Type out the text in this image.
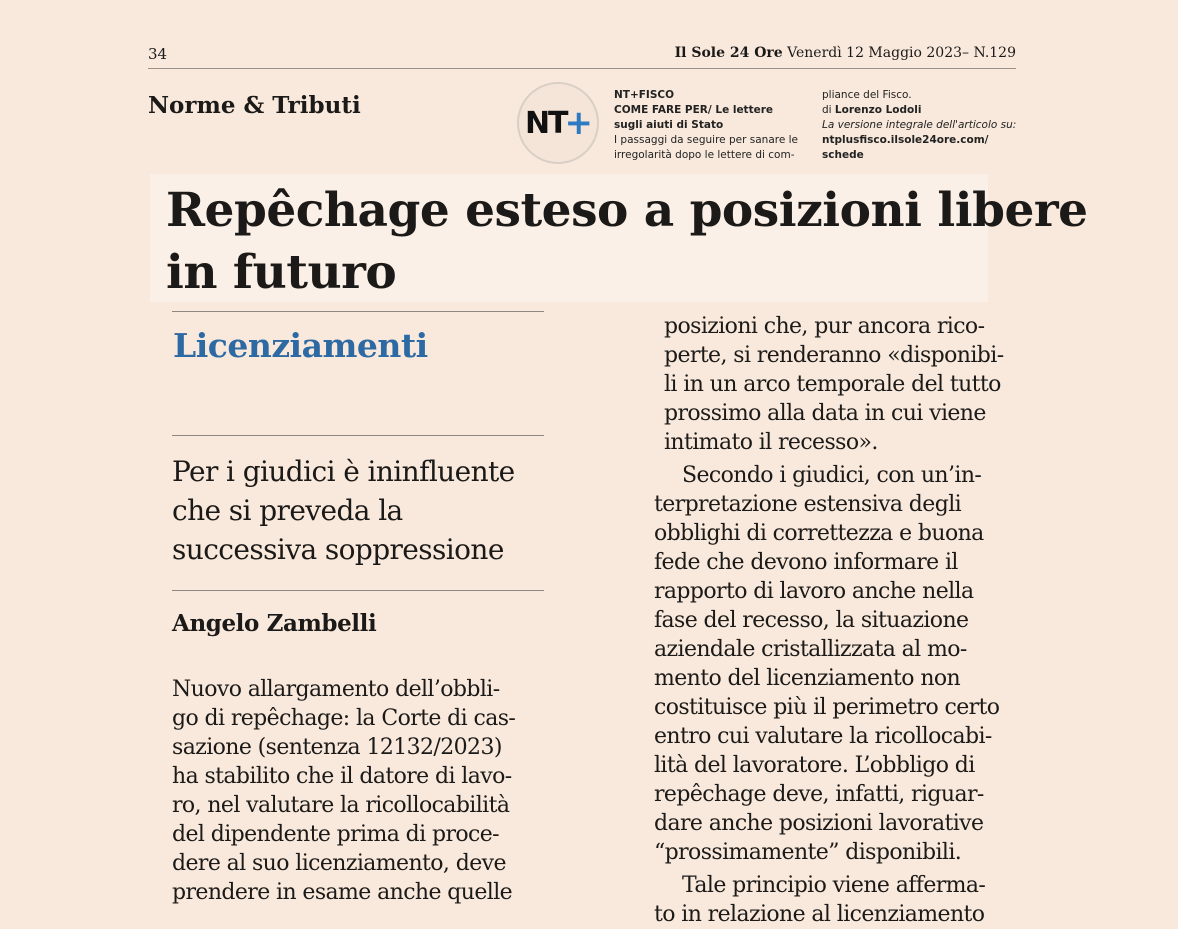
34	Il Sole 24 Ore Venerdì 12 Maggio 2023– N.129
Norme & Tributi	NT
+
NT+FISCO
COME FARE PER/ Le lettere
sugli aiuti di Stato
I passaggi da seguire per sanare le
irregolarità dopo le lettere di com-
pliance del Fisco.
di Lorenzo Lodoli
La versione integrale dell'articolo su:
ntplusfisco.ilsole24ore.com/
schede
Repêchage esteso a posizioni libere
in futuro
Licenziamenti
Per i giudici è ininfluente
che si preveda la
successiva soppressione
Angelo Zambelli
Nuovo allargamento dell’obbli-
go di repêchage: la Corte di cas-
sazione (sentenza 12132/2023)
ha stabilito che il datore di lavo-
ro, nel valutare la ricollocabilità
del dipendente prima di proce-
dere al suo licenziamento, deve
prendere in esame anche quelle
posizioni che, pur ancora rico-
perte, si renderanno «disponibi-
li in un arco temporale del tutto
prossimo alla data in cui viene
intimato il recesso».
Secondo i giudici, con un’in-
terpretazione estensiva degli
obblighi di correttezza e buona
fede che devono informare il
rapporto di lavoro anche nella
fase del recesso, la situazione
aziendale cristallizzata al mo-
mento del licenziamento non
costituisce più il perimetro certo
entro cui valutare la ricollocabi-
lità del lavoratore. L’obbligo di
repêchage deve, infatti, riguar-
dare anche posizioni lavorative
“prossimamente” disponibili.
Tale principio viene afferma-
to in relazione al licenziamento
